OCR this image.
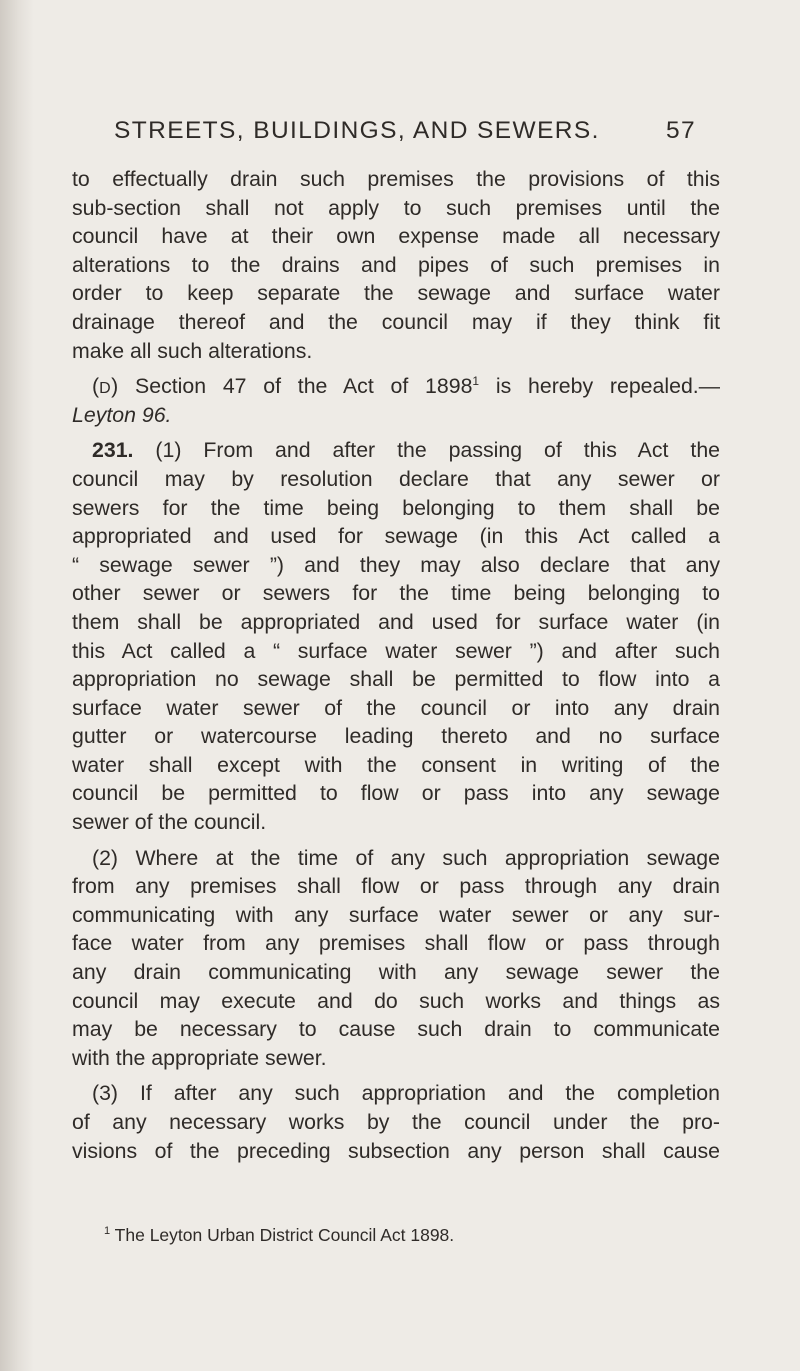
STREETS, BUILDINGS, AND SEWERS.	57
to effectually drain such premises the provisions of this
sub-section shall not apply to such premises until the
council have at their own expense made all necessary
alterations to the drains and pipes of such premises in
order to keep separate the sewage and surface water
drainage thereof and the council may if they think fit
make all such alterations.
(D) Section 47 of the Act of 1898$^1$ is hereby repealed.—
Leyton 96.
231. (1) From and after the passing of this Act the
council may by resolution declare that any sewer or
sewers for the time being belonging to them shall be
appropriated and used for sewage (in this Act called a
“ sewage sewer ”) and they may also declare that any
other sewer or sewers for the time being belonging to
them shall be appropriated and used for surface water (in
this Act called a “ surface water sewer ”) and after such
appropriation no sewage shall be permitted to flow into a
surface water sewer of the council or into any drain
gutter or watercourse leading thereto and no surface
water shall except with the consent in writing of the
council be permitted to flow or pass into any sewage
sewer of the council.
(2) Where at the time of any such appropriation sewage
from any premises shall flow or pass through any drain
communicating with any surface water sewer or any sur-
face water from any premises shall flow or pass through
any drain communicating with any sewage sewer the
council may execute and do such works and things as
may be necessary to cause such drain to communicate
with the appropriate sewer.
(3) If after any such appropriation and the completion
of any necessary works by the council under the pro-
visions of the preceding subsection any person shall cause
$^1$ The Leyton Urban District Council Act 1898.
